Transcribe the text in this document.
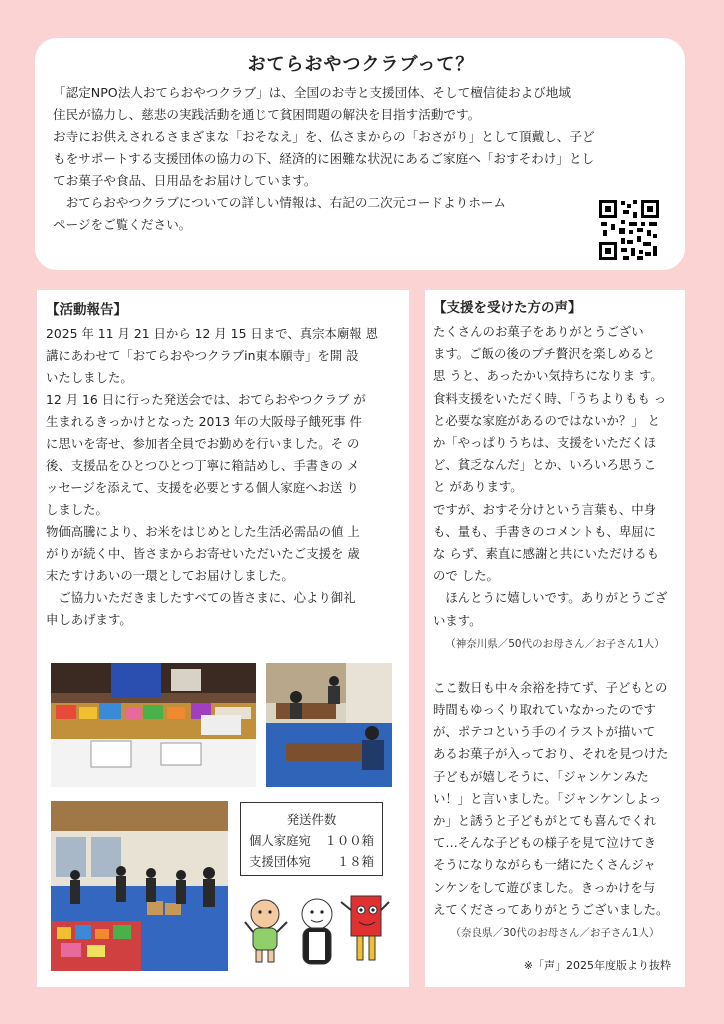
おてらおやつクラブって？

「認定NPO法人おてらおやつクラブ」は、全国のお寺と支援団体、そして檀信徒および地域

住民が協力し、慈悲の実践活動を通じて貧困問題の解決を目指す活動です。

お寺にお供えされるさまざまな「おそなえ」を、仏さまからの「おさがり」として頂戴し、子ど

もをサポートする支援団体の協力の下、経済的に困難な状況にあるご家庭へ「おすそわけ」とし

てお菓子や食品、日用品をお届けしています。

　おてらおやつクラブについての詳しい情報は、右記の二次元コードよりホーム

ページをご覧ください。

【活動報告】

2025 年 11 月 21 日から 12 月 15 日まで、真宗本廟報 恩

講にあわせて「おてらおやつクラブin東本願寺」を開 設

いたしました。

12 月 16 日に行った発送会では、おてらおやつクラブ が

生まれるきっかけとなった 2013 年の大阪母子餓死事 件

に思いを寄せ、参加者全員でお勤めを行いました。そ の

後、支援品をひとつひとつ丁寧に箱詰めし、手書きの メ

ッセージを添えて、支援を必要とする個人家庭へお送 り

しました。

物価高騰により、お米をはじめとした生活必需品の値 上

がりが続く中、皆さまからお寄せいただいたご支援を 歳

末たすけあいの一環としてお届けしました。

　ご協力いただきましたすべての皆さまに、心より御礼

申しあげます。

発送件数
個人家庭宛 １００箱
支援団体宛 １８箱
【支援を受けた方の声】

たくさんのお菓子をありがとうござい

ます。ご飯の後のプチ贅沢を楽しめると

思 うと、あったかい気持ちになりま す。

食料支援をいただく時、「うちよりもも っ

と必要な家庭があるのではないか？」 と

か「やっぱりうちは、支援をいただくほ

ど、貧乏なんだ」とか、いろいろ思うこ

と があります。

ですが、おすそ分けという言葉も、中身

も、量も、手書きのコメントも、卑屈に

な らず、素直に感謝と共にいただけるも

ので した。

　ほんとうに嬉しいです。ありがとうござ

います。

（神奈川県／50代のお母さん／お子さん1人）

ここ数日も中々余裕を持てず、子どもとの

時間もゆっくり取れていなかったのです

が、ポテコという手のイラストが描いて

あるお菓子が入っており、それを見つけた

子どもが嬉しそうに、「ジャンケンみた

い！」と言いました。「ジャンケンしよっ

か」と誘うと子どもがとても喜んでくれ

て…そんな子どもの様子を見て泣けてき

そうになりながらも一緒にたくさんジャ

ンケンをして遊びました。きっかけを与

えてくださってありがとうございました。

（奈良県／30代のお母さん／お子さん1人）
※「声」2025年度版より抜粋
